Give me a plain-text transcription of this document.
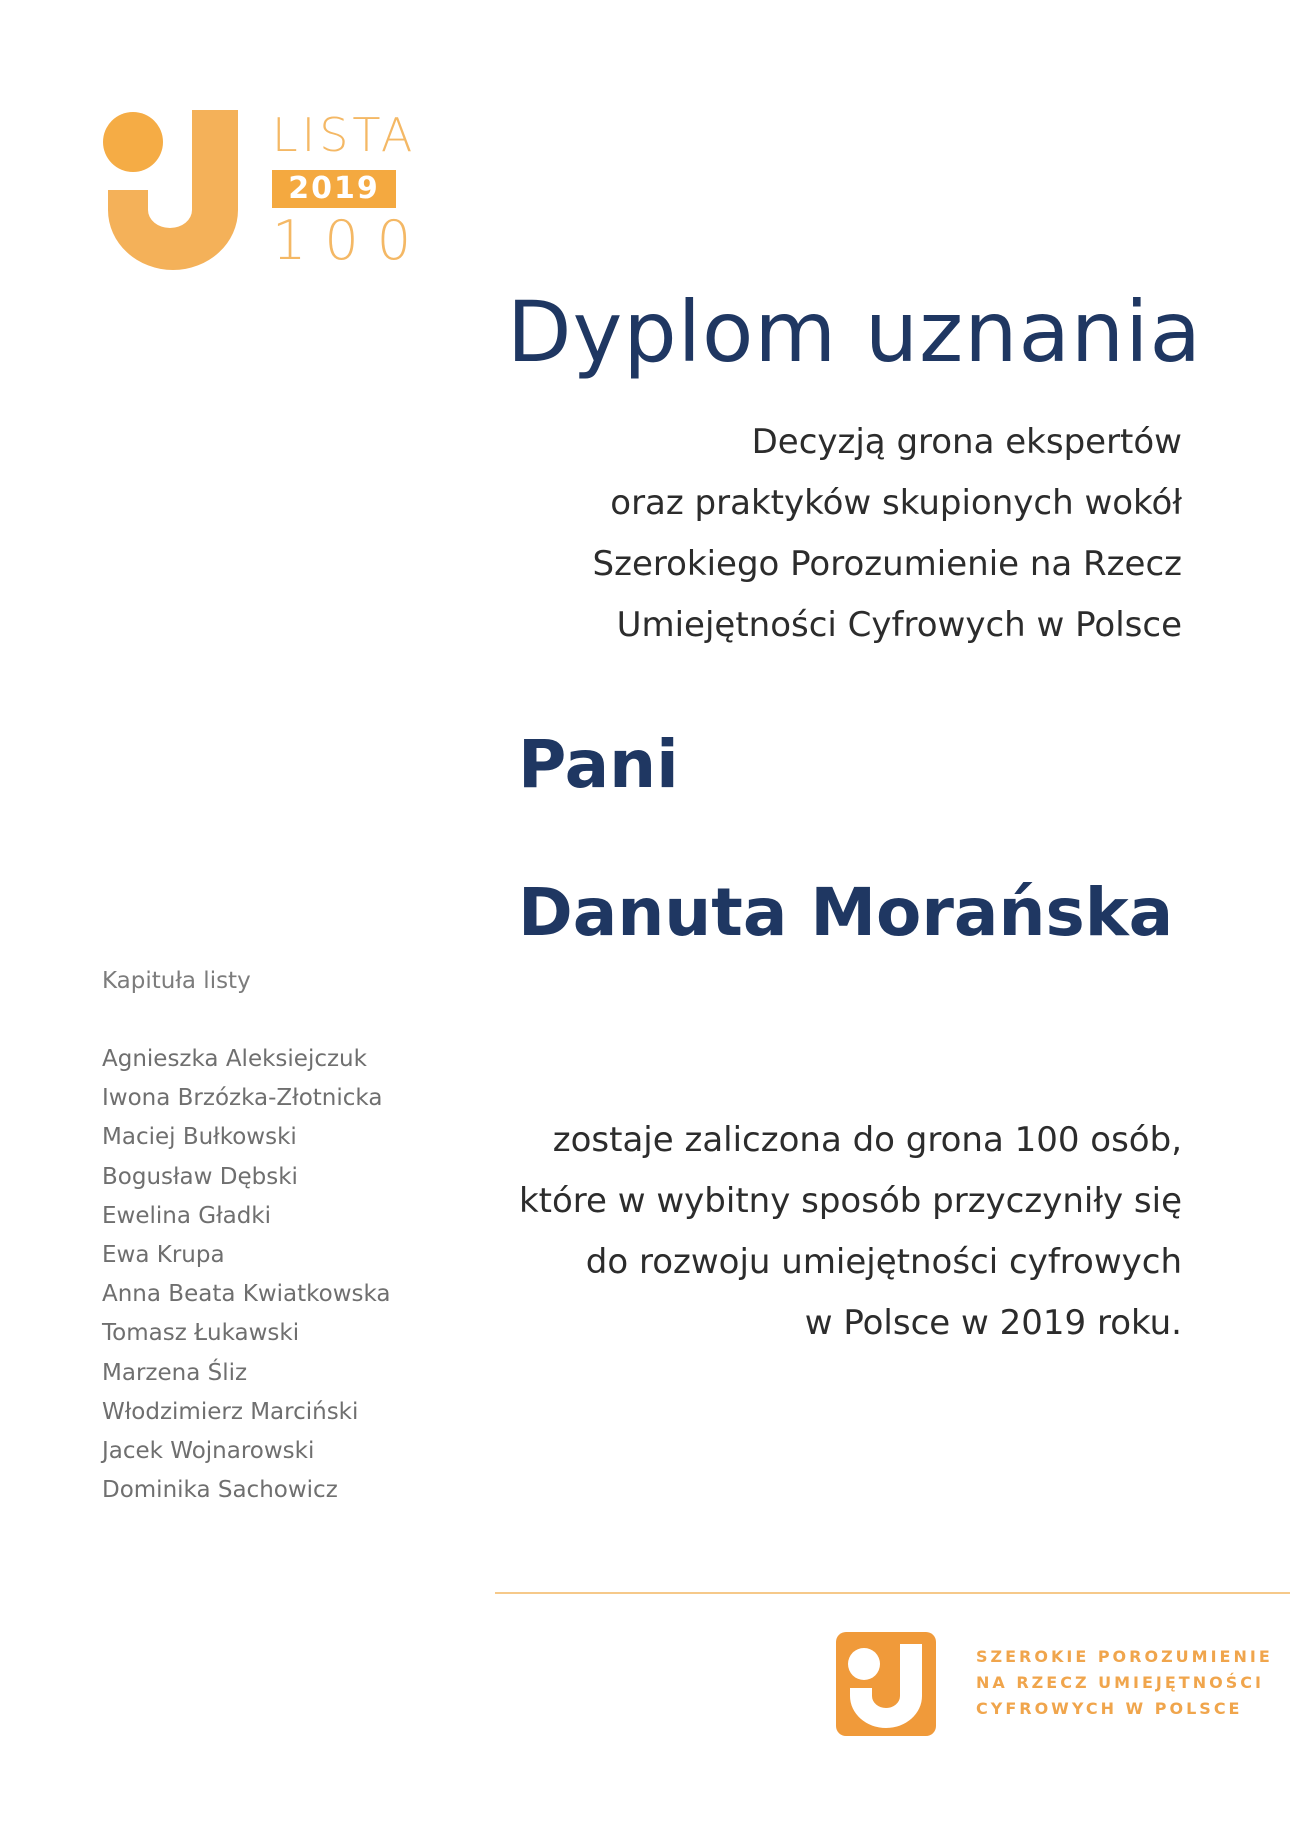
LISTA
2019
100
Dyplom uznania
Decyzją grona ekspertów
oraz praktyków skupionych wokół
Szerokiego Porozumienie na Rzecz
Umiejętności Cyfrowych w Polsce
Pani
Danuta Morańska
Kapituła listy
Agnieszka Aleksiejczuk
Iwona Brzózka-Złotnicka
Maciej Bułkowski
Bogusław Dębski
Ewelina Gładki
Ewa Krupa
Anna Beata Kwiatkowska
Tomasz Łukawski
Marzena Śliz
Włodzimierz Marciński
Jacek Wojnarowski
Dominika Sachowicz
zostaje zaliczona do grona 100 osób,
które w wybitny sposób przyczyniły się
do rozwoju umiejętności cyfrowych
w Polsce w 2019 roku.
SZEROKIE POROZUMIENIE
NA RZECZ UMIEJĘTNOŚCI
CYFROWYCH W POLSCE
